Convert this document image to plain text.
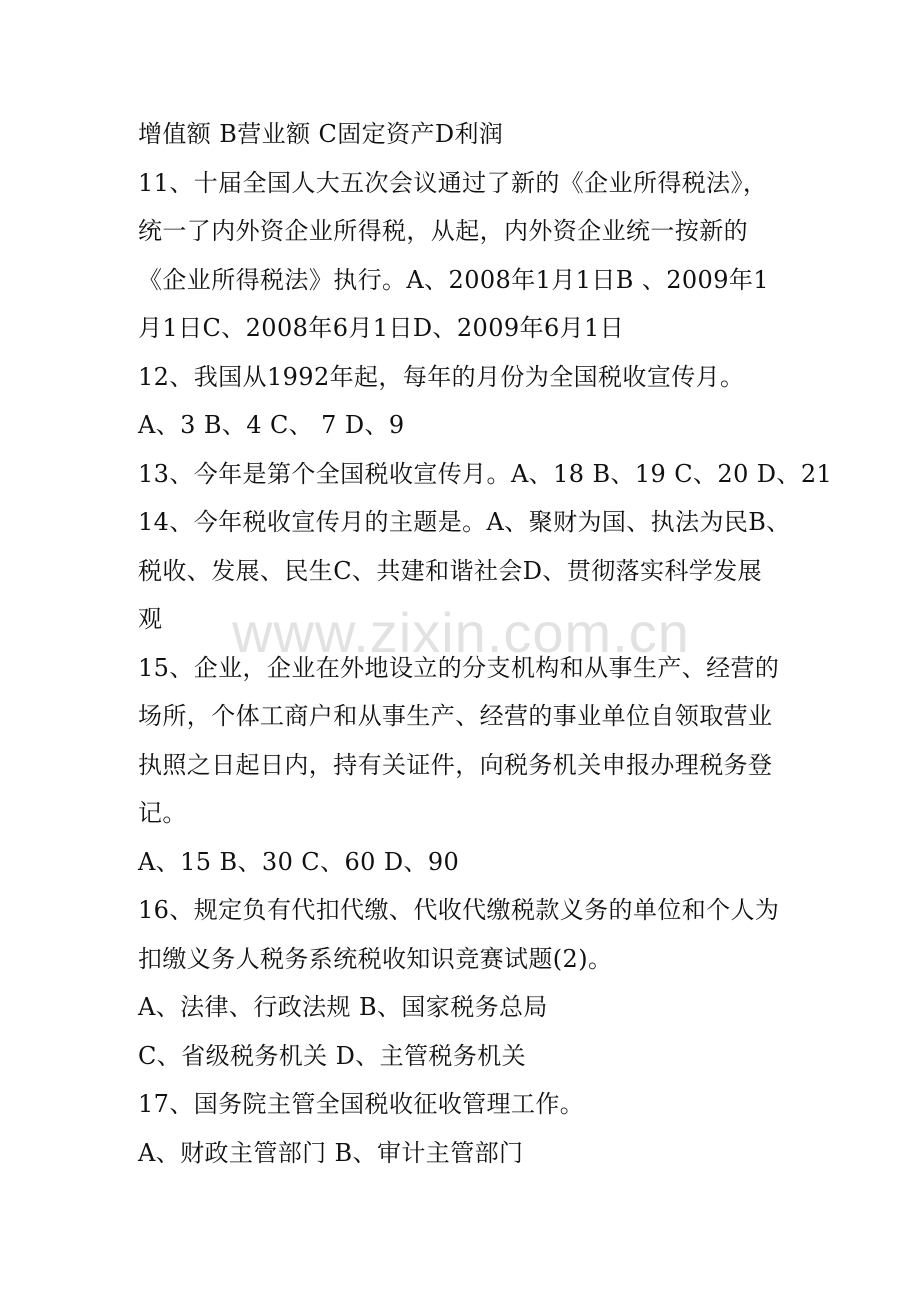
增值额 B营业额 C固定资产D利润
11、十届全国人大五次会议通过了新的《企业所得税法》，
统一了内外资企业所得税，从起，内外资企业统一按新的
《企业所得税法》执行。A、2008年1月1日B 、2009年1
月1日C、2008年6月1日D、2009年6月1日
12、我国从1992年起，每年的月份为全国税收宣传月。
A、3 B、4 C、 7 D、9
13、今年是第个全国税收宣传月。A、18 B、19 C、20 D、21
14、今年税收宣传月的主题是。A、聚财为国、执法为民B、
税收、发展、民生C、共建和谐社会D、贯彻落实科学发展
观
15、企业，企业在外地设立的分支机构和从事生产、经营的
场所，个体工商户和从事生产、经营的事业单位自领取营业
执照之日起日内，持有关证件，向税务机关申报办理税务登
记。
A、15 B、30 C、60 D、90
16、规定负有代扣代缴、代收代缴税款义务的单位和个人为
扣缴义务人税务系统税收知识竞赛试题(2)。
A、法律、行政法规 B、国家税务总局
C、省级税务机关 D、主管税务机关
17、国务院主管全国税收征收管理工作。
A、财政主管部门 B、审计主管部门
www.zixin.com.cn
